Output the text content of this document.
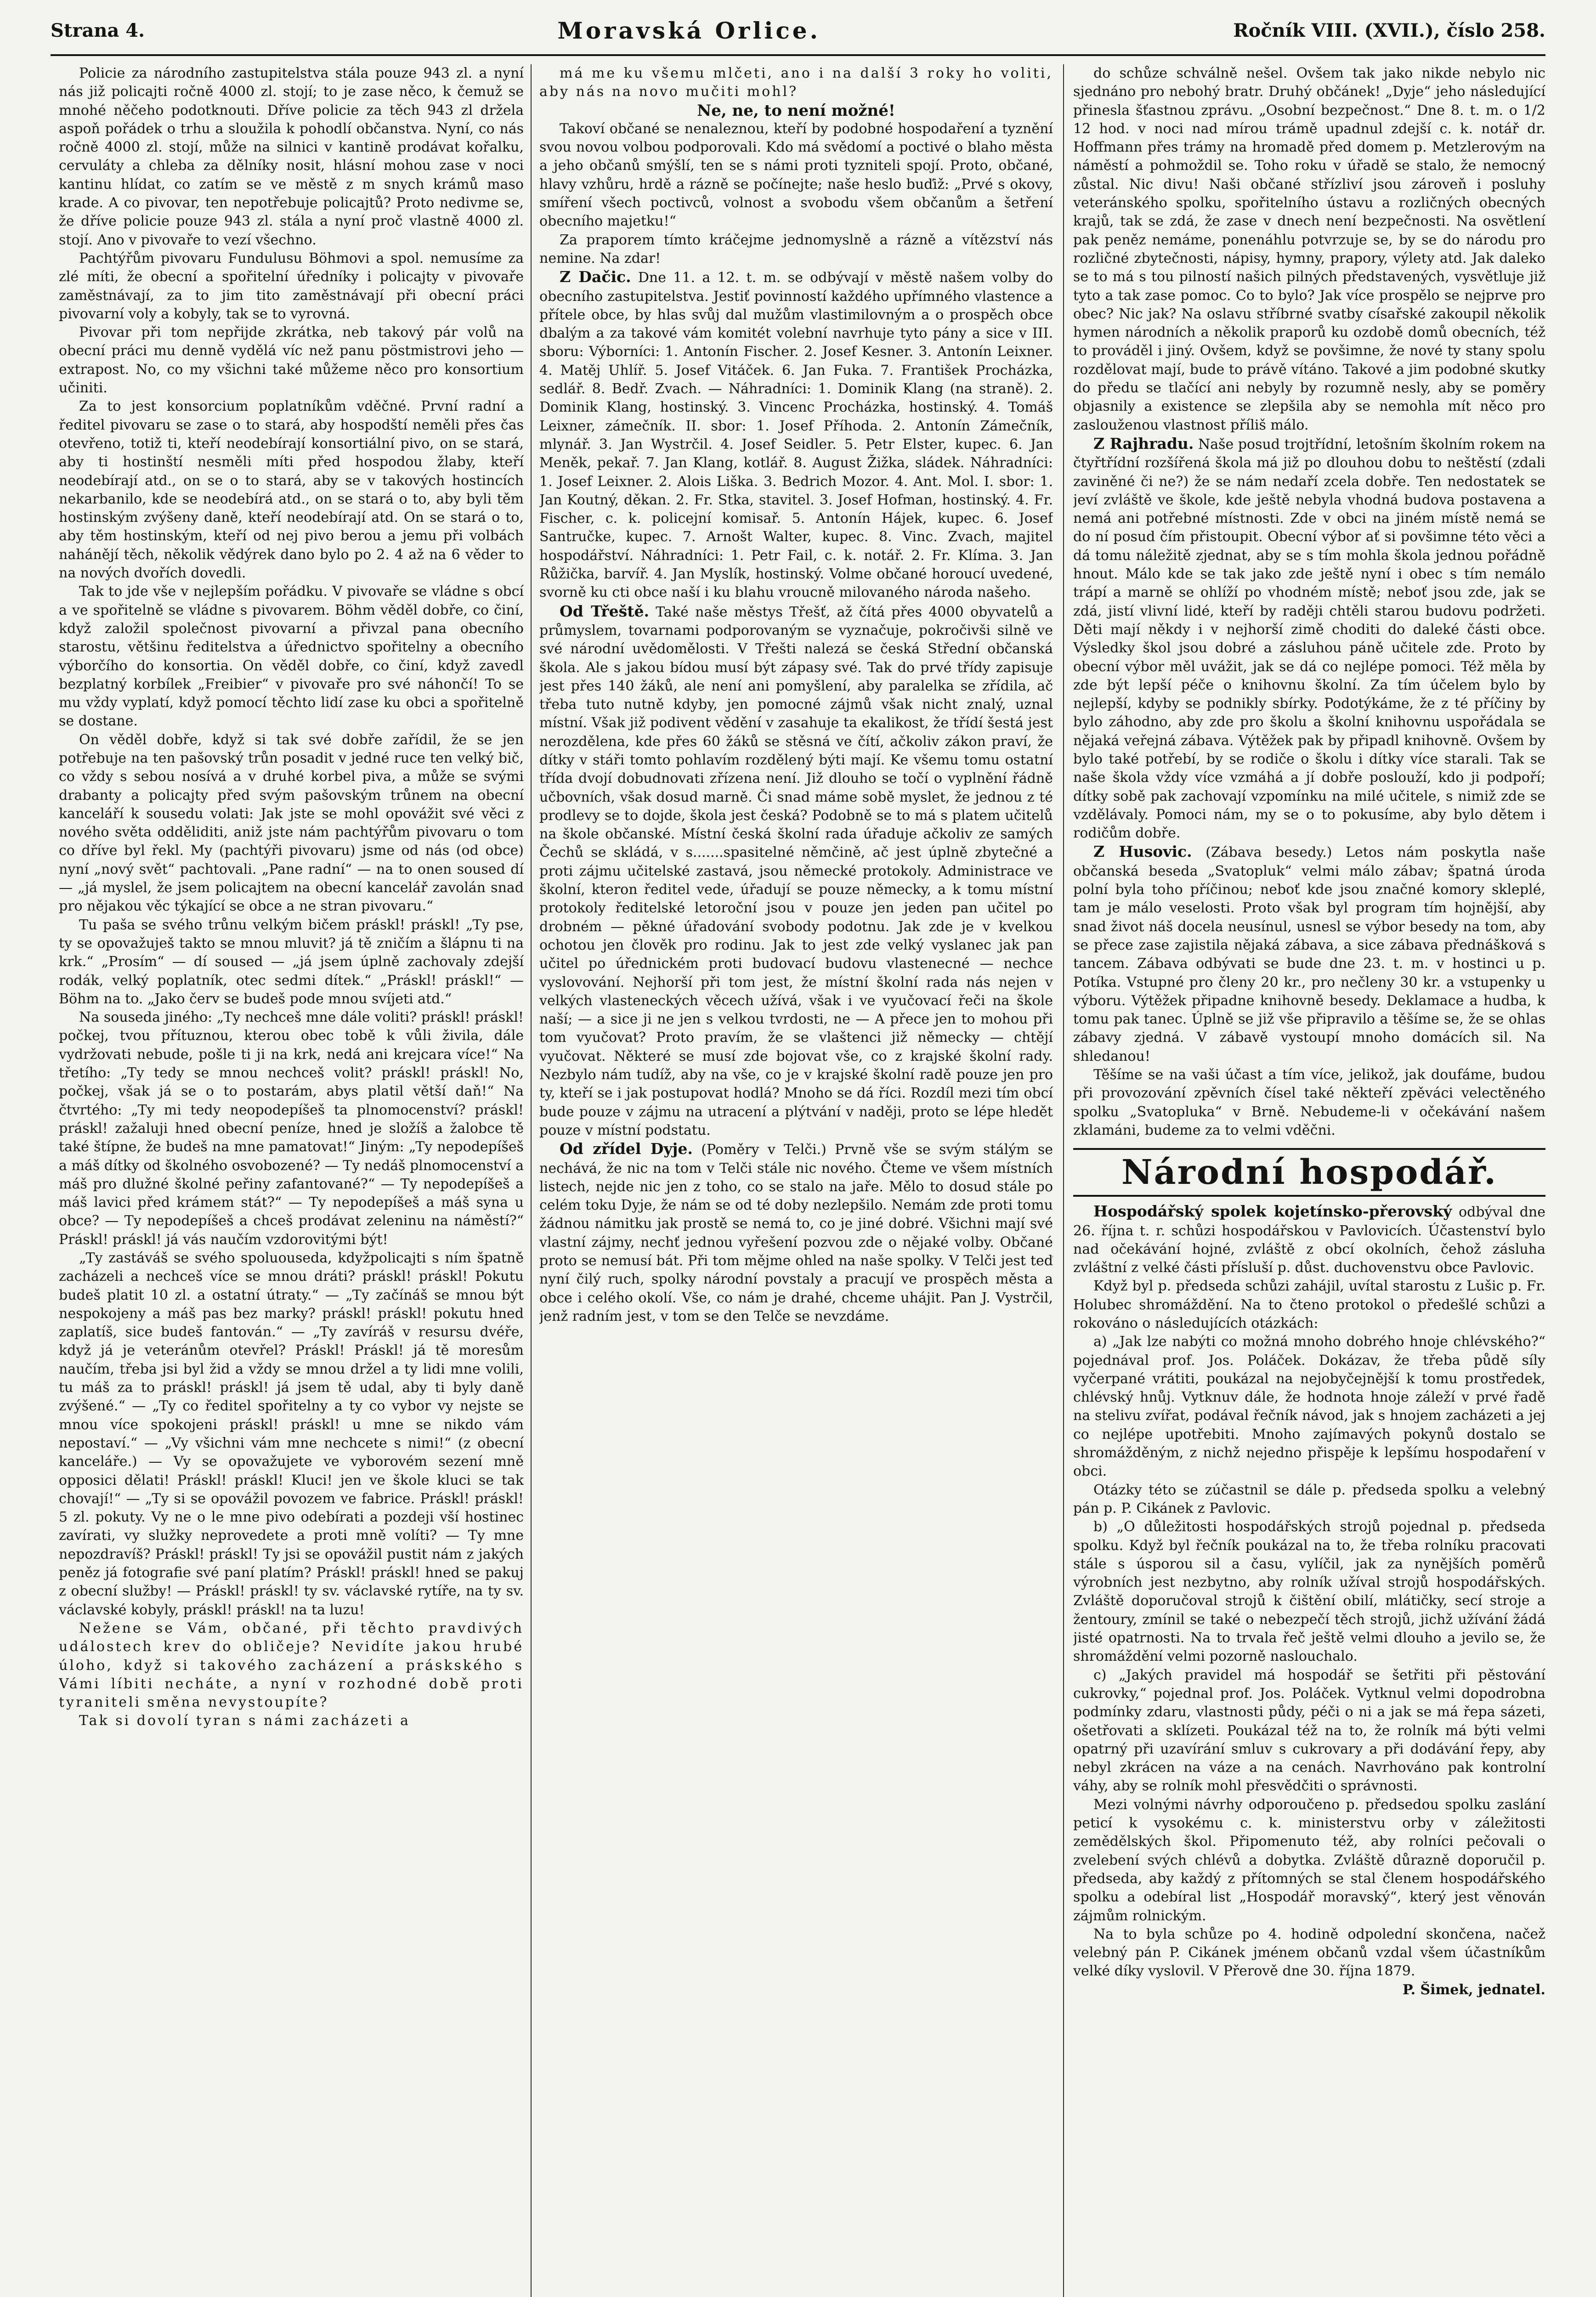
Strana 4.	Moravská Orlice.	Ročník VIII. (XVII.), číslo 258.

Policie za národního zastupitelstva stála pouze 943 zl. a nyní nás již policajti ročně 4000 zl. stojí; to je zase něco, k čemuž se mnohé něčeho podotknouti. Dříve policie za těch 943 zl držela aspoň pořádek o trhu a sloužila k pohodlí občanstva. Nyní, co nás ročně 4000 zl. stojí, může na silnici v kantině prodávat kořalku, cervuláty a chleba za dělníky nosit, hlásní mohou zase v noci kantinu hlídat, co zatím se ve městě z m snych krámů maso krade. A co pivovar, ten nepotřebuje policajtů? Proto nedivme se, že dříve policie pouze 943 zl. stála a nyní proč vlastně 4000 zl. stojí. Ano v pivovaře to vezí všechno.

Pachtýřům pivovaru Fundulusu Böhmovi a spol. nemusíme za zlé míti, že obecní a spořitelní úředníky i policajty v pivovaře zaměstnávají, za to jim tito zaměstnávají při obecní práci pivovarní voly a kobyly, tak se to vyrovná.

Pivovar při tom nepřijde zkrátka, neb takový pár volů na obecní práci mu denně vydělá víc než panu pöstmistrovi jeho — extrapost. No, co my všichni také můžeme něco pro konsortium učiniti.

Za to jest konsorcium poplatníkům vděčné. První radní a ředitel pivovaru se zase o to stará, aby hospodští neměli přes čas otevřeno, totiž ti, kteří neodebírají konsortiální pivo, on se stará, aby ti hostinští nesměli míti před hospodou žlaby, kteří neodebírají atd., on se o to stará, aby se v takových hostincích nekarbanilo, kde se neodebírá atd., on se stará o to, aby byli těm hostinským zvýšeny daně, kteří neodebírají atd. On se stará o to, aby těm hostinským, kteří od nej pivo berou a jemu při volbách nahánějí těch, několik vědýrek dano bylo po 2. 4 až na 6 věder to na nových dvořích dovedli.

Tak to jde vše v nejlepším pořádku. V pivovaře se vládne s obcí a ve spořitelně se vládne s pivovarem. Böhm věděl dobře, co činí, když založil společnost pivovarní a přivzal pana obecního starostu, většinu ředitelstva a úřednictvo spořitelny a obecního výborčího do konsortia. On věděl dobře, co činí, když zavedl bezplatný korbílek „Freibier“ v pivovaře pro své náhončí! To se mu vždy vyplatí, když pomocí těchto lidí zase ku obci a spořitelně se dostane.

On věděl dobře, když si tak své dobře zařídil, že se jen potřebuje na ten pašovský trůn posadit v jedné ruce ten velký bič, co vždy s sebou nosívá a v druhé korbel piva, a může se svými drabanty a policajty před svým pašovským trůnem na obecní kanceláří k sousedu volati: Jak jste se mohl opovážit své věci z nového světa odděliditi, aniž jste nám pachtýřům pivovaru o tom co dříve byl řekl. My (pachtýři pivovaru) jsme od nás (od obce) nyní „nový svět“ pachtovali. „Pane radní“ — na to onen soused dí — „já myslel, že jsem policajtem na obecní kancelář zavolán snad pro nějakou věc týkající se obce a ne stran pivovaru.“

Tu paša se svého trůnu velkým bičem práskl! práskl! „Ty pse, ty se opovažuješ takto se mnou mluvit? já tě zničím a šlápnu ti na krk.“ „Prosím“ — dí soused — „já jsem úplně zachovaly zdejší rodák, velký poplatník, otec sedmi dítek.“ „Práskl! práskl!“ — Böhm na to. „Jako červ se budeš pode mnou svíjeti atd.“

Na souseda jiného: „Ty nechceš mne dále voliti? práskl! práskl! počkej, tvou přítuznou, kterou obec tobě k vůli živila, dále vydržovati nebude, pošle ti ji na krk, nedá ani krejcara více!“ Na třetího: „Ty tedy se mnou nechceš volit? práskl! práskl! No, počkej, však já se o to postarám, abys platil větší daň!“ Na čtvrtého: „Ty mi tedy neopodepíšeš ta plnomocenství? práskl! práskl! zažaluji hned obecní peníze, hned je složíš a žalobce tě také štípne, že budeš na mne pamatovat!“ Jiným: „Ty nepodepíšeš a máš dítky od školného osvobozené? — Ty nedáš plnomocenství a máš pro dlužné školné peřiny zafantované?“ — Ty nepodepíšeš a máš lavici před krámem stát?“ — Ty nepodepíšeš a máš syna u obce? — Ty nepodepíšeš a chceš prodávat zeleninu na náměstí?“ Práskl! práskl! já vás naučím vzdorovitými být!

„Ty zastáváš se svého spoluouseda, kdyžpolicajti s ním špatně zacházeli a nechceš více se mnou dráti? práskl! práskl! Pokutu budeš platit 10 zl. a ostatní útraty.“ — „Ty začínáš se mnou být nespokojeny a máš pas bez marky? práskl! práskl! pokutu hned zaplatíš, sice budeš fantován.“ — „Ty zavíráš v resursu dvéře, když já je veteránům otevřel? Práskl! Práskl! já tě moresům naučím, třeba jsi byl žid a vždy se mnou držel a ty lidi mne volili, tu máš za to práskl! práskl! já jsem tě udal, aby ti byly daně zvýšené.“ — „Ty co ředitel spořitelny a ty co vybor vy nejste se mnou více spokojeni práskl! práskl! u mne se nikdo vám nepostaví.“ — „Vy všichni vám mne nechcete s nimi!“ (z obecní kanceláře.) — Vy se opovažujete ve vyborovém sezení mně opposici dělati! Práskl! práskl! Kluci! jen ve škole kluci se tak chovají!“ — „Ty si se opovážil povozem ve fabrice. Práskl! práskl! 5 zl. pokuty. Vy ne o le mne pivo odebírati a pozdeji vší hostinec zavírati, vy služky neprovedete a proti mně volíti? — Ty mne nepozdravíš? Práskl! práskl! Ty jsi se opovážil pustit nám z jakých peněz já fotografie své paní platím? Práskl! práskl! hned se pakuj z obecní služby! — Práskl! práskl! ty sv. václavské rytíře, na ty sv. václavské kobyly, práskl! práskl! na ta luzu!

Nežene se Vám, občané, při těchto pravdivých událostech krev do obličeje? Nevidíte jakou hrubé úloho, když si takového zacházení a práskského s Vámi líbiti necháte, a nyní v rozhodné době proti tyraniteli směna nevystoupíte?

Tak si dovolí tyran s námi zacházeti a

má me ku všemu mlčeti, ano i na další 3 roky ho voliti, aby nás na novo mučiti mohl?

Ne, ne, to není možné!

Takoví občané se nenaleznou, kteří by podobné hospodaření a tyznění svou novou volbou podporovali. Kdo má svědomí a poctivé o blaho města a jeho občanů smýšlí, ten se s námi proti tyzniteli spojí. Proto, občané, hlavy vzhůru, hrdě a rázně se počínejte; naše heslo buďiž: „Prvé s okovy, smíření všech poctivců, volnost a svobodu všem občanům a šetření obecního majetku!“

Za praporem tímto kráčejme jednomyslně a rázně a vítězství nás nemine. Na zdar!

Z Dačic. Dne 11. a 12. t. m. se odbývají v městě našem volby do obecního zastupitelstva. Jestiť povinností každého upřímného vlastence a přítele obce, by hlas svůj dal mužům vlastimilovným a o prospěch obce dbalým a za takové vám komitét volební navrhuje tyto pány a sice v III. sboru: Výborníci: 1. Antonín Fischer. 2. Josef Kesner. 3. Antonín Leixner. 4. Matěj Uhlíř. 5. Josef Vitáček. 6. Jan Fuka. 7. František Procházka, sedlář. 8. Bedř. Zvach. — Náhradníci: 1. Dominik Klang (na straně). 2. Dominik Klang, hostinský. 3. Vincenc Procházka, hostinský. 4. Tomáš Leixner, zámečník. II. sbor: 1. Josef Příhoda. 2. Antonín Zámečník, mlynář. 3. Jan Wystrčil. 4. Josef Seidler. 5. Petr Elster, kupec. 6. Jan Meněk, pekař. 7. Jan Klang, kotlář. 8. August Žižka, sládek. Náhradníci: 1. Josef Leixner. 2. Alois Liška. 3. Bedrich Mozor. 4. Ant. Mol. I. sbor: 1. Jan Koutný, děkan. 2. Fr. Stka, stavitel. 3. Josef Hofman, hostinský. 4. Fr. Fischer, c. k. policejní komisař. 5. Antonín Hájek, kupec. 6. Josef Santručke, kupec. 7. Arnošt Walter, kupec. 8. Vinc. Zvach, majitel hospodářství. Náhradníci: 1. Petr Fail, c. k. notář. 2. Fr. Klíma. 3. Jan Růžička, barvíř. 4. Jan Myslík, hostinský. Volme občané horoucí uvedené, svorně ku cti obce naší i ku blahu vroucně milovaného národa našeho.

Od Třeště. Také naše městys Třešť, až čítá přes 4000 obyvatelů a průmyslem, tovarnami podporovaným se vyznačuje, pokročivši silně ve své národní uvědomělosti. V Třešti nalezá se česká Střední občanská škola. Ale s jakou bídou musí být zápasy své. Tak do prvé třídy zapisuje jest přes 140 žáků, ale není ani pomyšlení, aby paralelka se zřídila, ač třeba tuto nutně kdyby, jen pomocné zájmů však nicht znalý, uznal místní. Však již podivent vědění v zasahuje ta ekalikost, že třídí šestá jest nerozdělena, kde přes 60 žáků se stěsná ve čítí, ačkoliv zákon praví, že dítky v stáři tomto pohlavím rozdělený býti mají. Ke všemu tomu ostatní třída dvojí dobudnovati zřízena není. Již dlouho se točí o vyplnění řádně učbovních, však dosud marně. Či snad máme sobě myslet, že jednou z té prodlevy se to dojde, škola jest česká? Podobně se to má s platem učitelů na škole občanské. Místní česká školní rada úřaduje ačkoliv ze samých Čechů se skládá, v s.......spasitelné němčině, ač jest úplně zbytečné a proti zájmu učitelské zastavá, jsou německé protokoly. Administrace ve školní, kteron ředitel vede, úřadují se pouze německy, a k tomu místní protokoly ředitelské letoroční jsou v pouze jen jeden pan učitel po drobném — pěkné úřadování svobody podotnu. Jak zde je v kvelkou ochotou jen člověk pro rodinu. Jak to jest zde velký vyslanec jak pan učitel po úřednickém proti budovací budovu vlastenecné — nechce vyslovování. Nejhorší při tom jest, že místní školní rada nás nejen v velkých vlasteneckých věcech užívá, však i ve vyučovací řeči na škole naší; — a sice ji ne jen s velkou tvrdosti, ne — A přece jen to mohou při tom vyučovat? Proto pravím, že se vlaštenci již německy — chtějí vyučovat. Některé se musí zde bojovat vše, co z krajské školní rady. Nezbylo nám tudíž, aby na vše, co je v krajské školní radě pouze jen pro ty, kteří se i jak postupovat hodlá? Mnoho se dá říci. Rozdíl mezi tím obcí bude pouze v zájmu na utracení a plýtvání v naději, proto se lépe hledět pouze v místní podstatu.

Od zřídel Dyje. (Poměry v Telči.) Prvně vše se svým stálým se nechává, že nic na tom v Telči stále nic nového. Čteme ve všem místních listech, nejde nic jen z toho, co se stalo na jaře. Mělo to dosud stále po celém toku Dyje, že nám se od té doby nezlepšilo. Nemám zde proti tomu žádnou námitku jak prostě se nemá to, co je jiné dobré. Všichni mají své vlastní zájmy, nechť jednou vyřešení pozvou zde o nějaké volby. Občané proto se nemusí bát. Při tom mějme ohled na naše spolky. V Telči jest teď nyní čilý ruch, spolky národní povstaly a pracují ve prospěch města a obce i celého okolí. Vše, co nám je drahé, chceme uhájit. Pan J. Vystrčil, jenž radním jest, v tom se den Telče se nevzdáme.

do schůze schválně nešel. Ovšem tak jako nikde nebylo nic sjednáno pro nebohý bratr. Druhý občánek! „Dyje“ jeho následující přinesla šťastnou zprávu. „Osobní bezpečnost.“ Dne 8. t. m. o 1/2 12 hod. v noci nad mírou trámě upadnul zdejší c. k. notář dr. Hoffmann přes trámy na hromadě před domem p. Metzlerovým na náměstí a pohmoždil se. Toho roku v úřadě se stalo, že nemocný zůstal. Nic divu! Naši občané střízliví jsou zároveň i posluhy veteránského spolku, spořitelního ústavu a rozličných obecných krajů, tak se zdá, že zase v dnech není bezpečnosti. Na osvětlení pak peněz nemáme, ponenáhlu potvrzuje se, by se do národu pro rozličné zbytečnosti, nápisy, hymny, prapory, výlety atd. Jak daleko se to má s tou pilností našich pilných představených, vysvětluje již tyto a tak zase pomoc. Co to bylo? Jak více prospělo se nejprve pro obec? Nic jak? Na oslavu stříbrné svatby císařské zakoupil několik hymen národních a několik praporů ku ozdobě domů obecních, též to prováděl i jiný. Ovšem, když se povšimne, že nové ty stany spolu rozdělovat mají, bude to právě vítáno. Takové a jim podobné skutky do předu se tlačící ani nebyly by rozumně nesly, aby se poměry objasnily a existence se zlepšila aby se nemohla mít něco pro zaslouženou vlastnost příliš málo.

Z Rajhradu. Naše posud trojtřídní, letošním školním rokem na čtyřtřídní rozšířená škola má již po dlouhou dobu to neštěstí (zdali zaviněné či ne?) že se nám nedaří zcela dobře. Ten nedostatek se jeví zvláště ve škole, kde ještě nebyla vhodná budova postavena a nemá ani potřebné místnosti. Zde v obci na jiném místě nemá se do ní posud čím přistoupit. Obecní výbor ať si povšimne této věci a dá tomu náležitě zjednat, aby se s tím mohla škola jednou pořádně hnout. Málo kde se tak jako zde ještě nyní i obec s tím nemálo trápí a marně se ohlíží po vhodném místě; neboť jsou zde, jak se zdá, jistí vlivní lidé, kteří by raději chtěli starou budovu podržeti. Děti mají někdy i v nejhorší zimě choditi do daleké části obce. Výsledky škol jsou dobré a zásluhou páně učitele zde. Proto by obecní výbor měl uvážit, jak se dá co nejlépe pomoci. Též měla by zde být lepší péče o knihovnu školní. Za tím účelem bylo by nejlepší, kdyby se podnikly sbírky. Podotýkáme, že z té příčiny by bylo záhodno, aby zde pro školu a školní knihovnu uspořádala se nějaká veřejná zábava. Výtěžek pak by připadl knihovně. Ovšem by bylo také potřebí, by se rodiče o školu i dítky více starali. Tak se naše škola vždy více vzmáhá a jí dobře poslouží, kdo ji podpoří; dítky sobě pak zachovají vzpomínku na milé učitele, s nimiž zde se vzdělávaly. Pomoci nám, my se o to pokusíme, aby bylo dětem i rodičům dobře.

Z Husovic. (Zábava besedy.) Letos nám poskytla naše občanská beseda „Svatopluk“ velmi málo zábav; špatná úroda polní byla toho příčinou; neboť kde jsou značné komory skleplé, tam je málo veselosti. Proto však byl program tím hojnější, aby snad život náš docela neusínul, usnesl se výbor besedy na tom, aby se přece zase zajistila nějaká zábava, a sice zábava přednášková s tancem. Zábava odbývati se bude dne 23. t. m. v hostinci u p. Potíka. Vstupné pro členy 20 kr., pro nečleny 30 kr. a vstupenky u výboru. Výtěžek připadne knihovně besedy. Deklamace a hudba, k tomu pak tanec. Úplně se již vše připravilo a těšíme se, že se ohlas zábavy zjedná. V zábavě vystoupí mnoho domácích sil. Na shledanou!

Těšíme se na vaši účast a tím více, jelikož, jak doufáme, budou při provozování zpěvních čísel také někteří zpěváci velectěného spolku „Svatopluka“ v Brně. Nebudeme-li v očekávání našem zklamáni, budeme za to velmi vděčni.

Národní hospodář.

Hospodářský spolek kojetínsko-přerovský odbýval dne 26. října t. r. schůzi hospodářskou v Pavlovicích. Účastenství bylo nad očekávání hojné, zvláště z obcí okolních, čehož zásluha zvláštní z velké části přísluší p. důst. duchovenstvu obce Pavlovic.

Když byl p. předseda schůzi zahájil, uvítal starostu z Lušic p. Fr. Holubec shromáždění. Na to čteno protokol o předešlé schůzi a rokováno o následujících otázkách:

a) „Jak lze nabýti co možná mnoho dobrého hnoje chlévského?“ pojednával prof. Jos. Poláček. Dokázav, že třeba půdě síly vyčerpané vrátiti, poukázal na nejobyčejnější k tomu prostředek, chlévský hnůj. Vytknuv dále, že hodnota hnoje záleží v prvé řadě na stelivu zvířat, podával řečník návod, jak s hnojem zacházeti a jej co nejlépe upotřebiti. Mnoho zajímavých pokynů dostalo se shromážděným, z nichž nejedno přispěje k lepšímu hospodaření v obci.

Otázky této se zúčastnil se dále p. předseda spolku a velebný pán p. P. Cikánek z Pavlovic.

b) „O důležitosti hospodářských strojů pojednal p. předseda spolku. Když byl řečník poukázal na to, že třeba rolníku pracovati stále s úsporou sil a času, vylíčil, jak za nynějších poměrů výrobních jest nezbytno, aby rolník užíval strojů hospodářských. Zvláště doporučoval strojů k čištění obilí, mlátičky, secí stroje a žentoury, zmínil se také o nebezpečí těch strojů, jichž užívání žádá jisté opatrnosti. Na to trvala řeč ještě velmi dlouho a jevilo se, že shromáždění velmi pozorně naslouchalo.

c) „Jakých pravidel má hospodář se šetřiti při pěstování cukrovky,“ pojednal prof. Jos. Poláček. Vytknul velmi dopodrobna podmínky zdaru, vlastnosti půdy, péči o ni a jak se má řepa sázeti, ošetřovati a sklízeti. Poukázal též na to, že rolník má býti velmi opatrný při uzavírání smluv s cukrovary a při dodávání řepy, aby nebyl zkrácen na váze a na cenách. Navrhováno pak kontrolní váhy, aby se rolník mohl přesvědčiti o správnosti.

Mezi volnými návrhy odporoučeno p. předsedou spolku zaslání peticí k vysokému c. k. ministerstvu orby v záležitosti zemědělských škol. Připomenuto též, aby rolníci pečovali o zvelebení svých chlévů a dobytka. Zvláště důrazně doporučil p. předseda, aby každý z přítomných se stal členem hospodářského spolku a odebíral list „Hospodář moravský“, který jest věnován zájmům rolnickým.

Na to byla schůze po 4. hodině odpolední skončena, načež velebný pán P. Cikánek jménem občanů vzdal všem účastníkům velké díky vyslovil. V Přerově dne 30. října 1879.

P. Šimek, jednatel.
